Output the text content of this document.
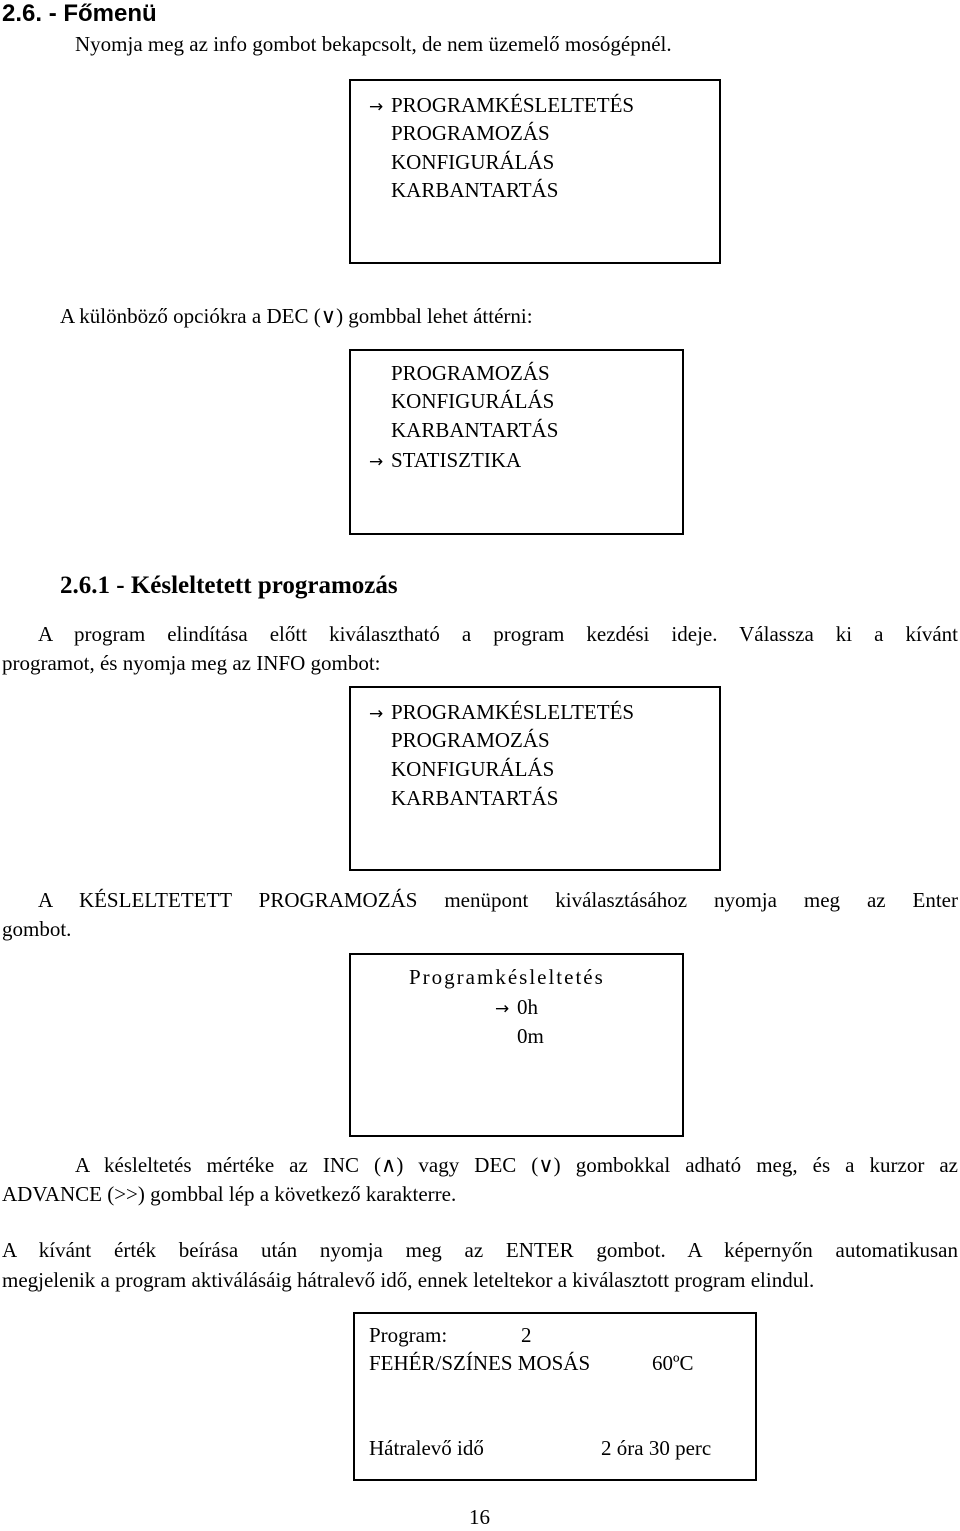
2.6. - Főmenü
Nyomja meg az info gombot bekapcsolt, de nem üzemelő mosógépnél.
→ PROGRAMKÉSLELTETÉS
PROGRAMOZÁS
KONFIGURÁLÁS
KARBANTARTÁS
A különböző opciókra a DEC (∨) gombbal lehet áttérni:
PROGRAMOZÁS
KONFIGURÁLÁS
KARBANTARTÁS
→ STATISZTIKA
2.6.1 - Késleltetett programozás
A program elindítása előtt kiválasztható a program kezdési ideje. Válassza ki a kívánt
programot, és nyomja meg az INFO gombot:
→ PROGRAMKÉSLELTETÉS
PROGRAMOZÁS
KONFIGURÁLÁS
KARBANTARTÁS
A KÉSLELTETETT PROGRAMOZÁS menüpont kiválasztásához nyomja meg az Enter
gombot.
Programkésleltetés
→ 0h
0m
A késleltetés mértéke az INC (∧) vagy DEC (∨) gombokkal adható meg, és a kurzor az
ADVANCE (>>) gombbal lép a következő karakterre.
A kívánt érték beírása után nyomja meg az ENTER gombot. A képernyőn automatikusan
megjelenik a program aktiválásáig hátralevő idő, ennek leteltekor a kiválasztott program elindul.
Program:	2
FEHÉR/SZÍNES MOSÁS	60ºC
Hátralevő idő	2 óra 30 perc
16
